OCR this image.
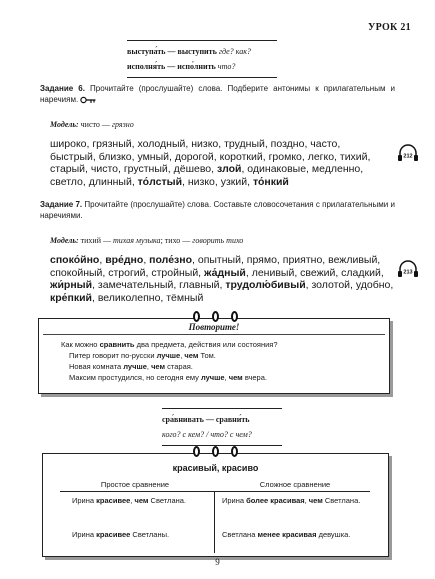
УРОК 21
выступа́ть — выступить где? как?
исполня́ть — испо́лнить что?
Задание 6. Прочитайте (прослушайте) слова. Подберите антонимы к прилагательным и наречиям.
Модель: чисто — грязно
широко, грязный, холодный, низко, трудный, поздно, часто,
быстрый, близко, умный, дорогой, короткий, громко, легко, тихий,
старый, чисто, грустный, дёшево, злой, одинаковые, медленно,
светло, длинный, то́лстый, низко, узкий, то́нкий
212
Задание 7. Прочитайте (прослушайте) слова. Составьте словосочетания с прилагательными и наречиями.
Модель: тихий — тихая музыка; тихо — говорить тихо
споко́йно, вре́дно, поле́зно, опытный, прямо, приятно, вежливый,
спокойный, строгий, стройный, жа́дный, ленивый, свежий, сладкий,
жи́рный, замечательный, главный, трудолю́бивый, золотой, удобно,
кре́пкий, великолепно, тёмный
213
Повторите!
Как можно сравнить два предмета, действия или состояния?
Питер говорит по-русски лучше, чем Том.
Новая комната лучше, чем старая.
Максим простудился, но сегодня ему лучше, чем вчера.
сра́внивать — сравни́ть
кого? с кем? / что? с чем?
красивый, красиво
Простое сравнение	Сложное сравнение
Ирина красивее, чем Светлана.	Ирина более красивая, чем Светлана.
Ирина красивее Светланы.	Светлана менее красивая девушка.
9
